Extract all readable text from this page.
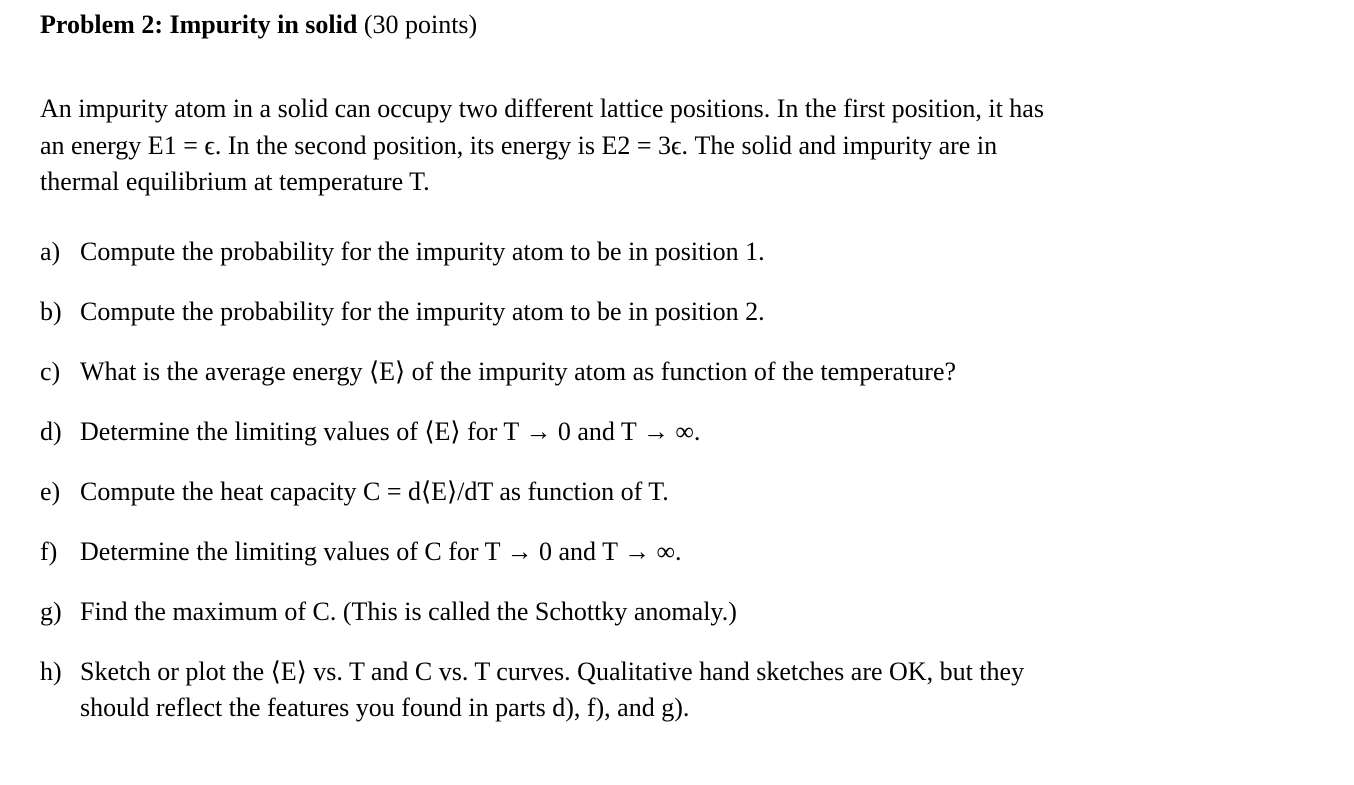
Problem 2: Impurity in solid (30 points)
An impurity atom in a solid can occupy two different lattice positions. In the first position, it has
an energy E1 = ϵ. In the second position, its energy is E2 = 3ϵ. The solid and impurity are in
thermal equilibrium at temperature T.
a) Compute the probability for the impurity atom to be in position 1.
b) Compute the probability for the impurity atom to be in position 2.
c) What is the average energy ⟨E⟩ of the impurity atom as function of the temperature?
d) Determine the limiting values of ⟨E⟩ for T → 0 and T → ∞.
e) Compute the heat capacity C = d⟨E⟩/dT as function of T.
f) Determine the limiting values of C for T → 0 and T → ∞.
g) Find the maximum of C. (This is called the Schottky anomaly.)
h) Sketch or plot the ⟨E⟩ vs. T and C vs. T curves. Qualitative hand sketches are OK, but they
should reflect the features you found in parts d), f), and g).
